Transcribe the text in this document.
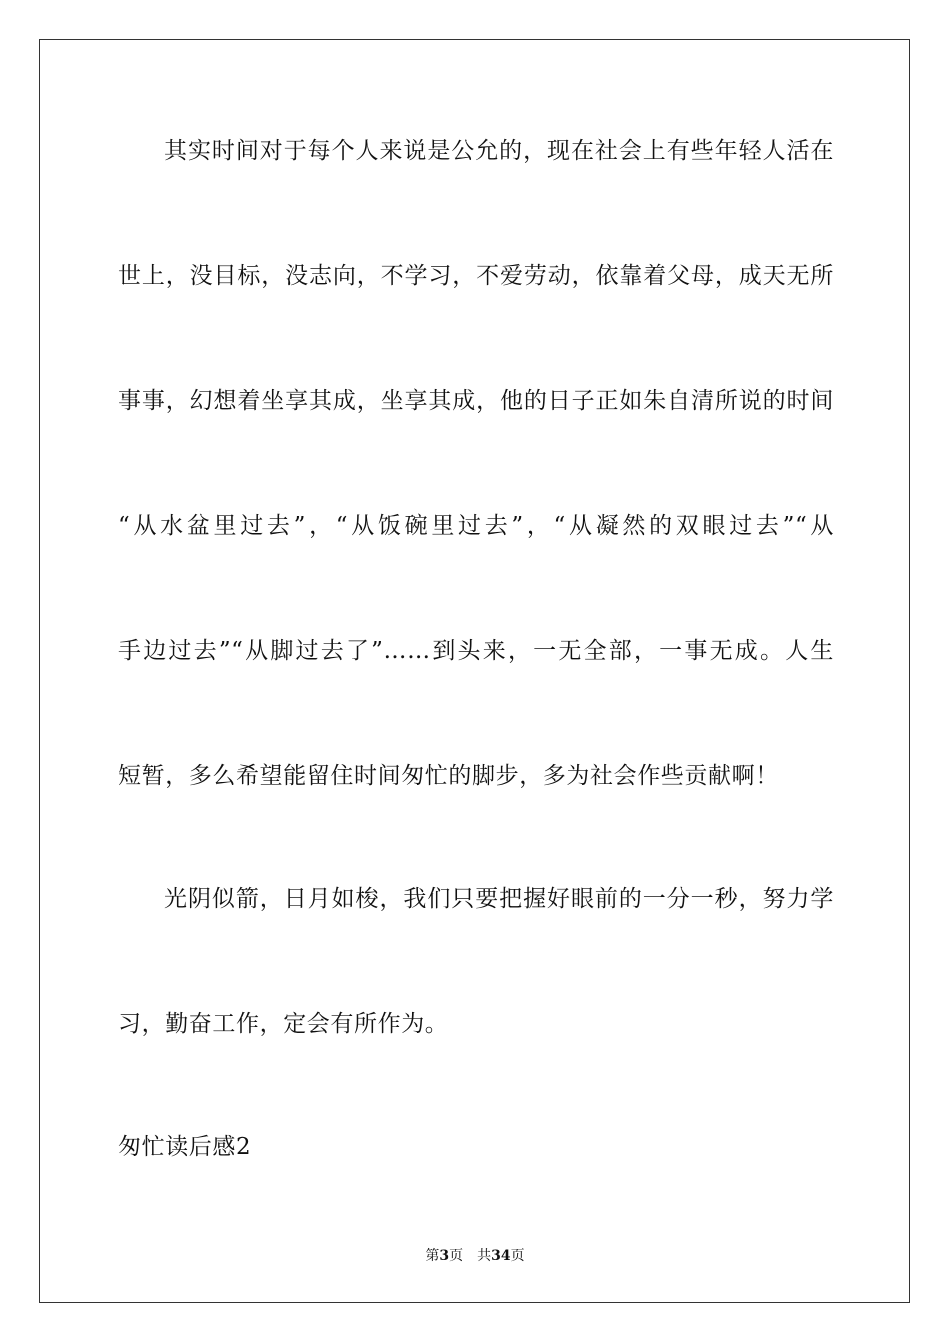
其实时间对于每个人来说是公允的，现在社会上有些年轻人活在
世上，没目标，没志向，不学习，不爱劳动，依靠着父母，成天无所
事事，幻想着坐享其成，坐享其成，他的日子正如朱自清所说的时间
“从水盆里过去”，“从饭碗里过去”，“从凝然的双眼过去”“从
手边过去”“从脚过去了”……到头来，一无全部，一事无成。人生
短暂，多么希望能留住时间匆忙的脚步，多为社会作些贡献啊！
光阴似箭，日月如梭，我们只要把握好眼前的一分一秒，努力学
习，勤奋工作，定会有所作为。
匆忙读后感2
第3页 共34页
